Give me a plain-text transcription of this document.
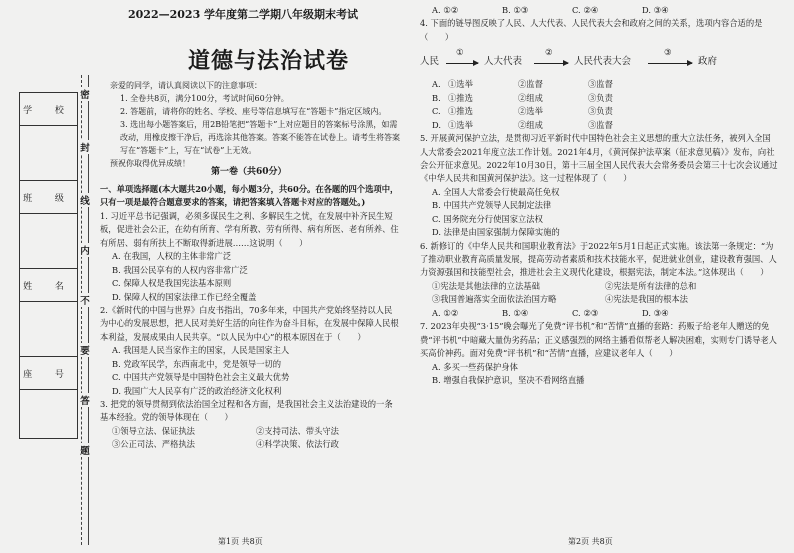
学 校

班 级

姓 名

座 号

密
封
线
内
不
要
答
题
2022—2023 学年度第二学期八年级期末考试
道德与法治试卷

亲爱的同学，请认真阅读以下的注意事项：

1. 全卷共8页，满分100分，考试时间60分钟。

2. 答题前，请将你的姓名、学校、座号等信息填写在“答题卡”指定区域内。

3. 选出每小题答案后，用2B铅笔把“答题卡”上对应题目的答案标号涂黑，如需改动，用橡皮擦干净后，再选涂其他答案。答案不能答在试卷上。请考生将答案写在“答题卡”上，写在“试卷”上无效。

预祝你取得优异成绩！

第一卷（共60分）

一、单项选择题(本大题共20小题，每小题3分，共60分。在各题的四个选项中，只有一项是最符合题意要求的答案，请把答案填入答题卡对应的答题处。)

1. 习近平总书记强调，必须多谋民生之利、多解民生之忧，在发展中补齐民生短板，促进社会公正，在幼有所育、学有所教、劳有所得、病有所医、老有所养、住有所居、弱有所扶上不断取得新进展……这说明（　　）

A. 在我国，人权的主体非常广泛

B. 我国公民享有的人权内容非常广泛

C. 保障人权是我国宪法基本原则

D. 保障人权的国家法律工作已经全覆盖

2.《新时代的中国与世界》白皮书指出，70多年来，中国共产党始终坚持以人民为中心的发展思想，把人民对美好生活的向往作为奋斗目标，在发展中保障人民根本利益，发展成果由人民共享。“以人民为中心”的根本原因在于（　　）

A. 我国是人民当家作主的国家，人民是国家主人

B. 党政军民学，东西南北中，党是领导一切的

C. 中国共产党领导是中国特色社会主义最大优势

D. 我国广大人民享有广泛的政治经济文化权利

3. 把党的领导贯彻到依法治国全过程和各方面，是我国社会主义法治建设的一条基本经验。党的领导体现在（　　）

①领导立法、保证执法	②支持司法、带头守法
③公正司法、严格执法	④科学决策、依法行政
第1页 共8页

A. ①②	B. ①③	C. ②④	D. ③④

4. 下面的链导图反映了人民、人大代表、人民代表大会和政府之间的关系，选项内容合适的是（　　）

人民
①
人大代表
②
人民代表大会
③
政府

A. ①选举	②监督	③监督

B. ①推选	②组成	③负责

C. ①推选	②选举	③负责

D. ①选举	②组成	③监督

5. 开展黄河保护立法，是贯彻习近平新时代中国特色社会主义思想的重大立法任务，被列入全国人大常委会2021年度立法工作计划。2021年4月，《黄河保护法草案（征求意见稿）》发布，向社会公开征求意见。2022年10月30日，第十三届全国人民代表大会常务委员会第三十七次会议通过《中华人民共和国黄河保护法》。这一过程体现了（　　）

A. 全国人大常委会行使最高任免权

B. 中国共产党领导人民制定法律

C. 国务院充分行使国家立法权

D. 法律是由国家强制力保障实施的

6. 新修订的《中华人民共和国职业教育法》于2022年5月1日起正式实施。该法第一条规定：“为了推动职业教育高质量发展，提高劳动者素质和技术技能水平，促进就业创业，建设教育强国、人力资源强国和技能型社会，推进社会主义现代化建设，根据宪法，制定本法。”这体现出（　　）

①宪法是其他法律的立法基础	②宪法是所有法律的总和
③我国普遍落实全面依法治国方略	④宪法是我国的根本法

A. ①②	B. ①④	C. ②③	D. ③④

7. 2023年央视“3·15”晚会曝光了免费“评书机”和“苦情”直播的套路：药贩子给老年人赠送的免费“评书机”中暗藏大量伪劣药品；正义感强烈的网络主播看似帮老人解决困难，实则专门诱导老人买高价神药。面对免费“评书机”和“苦情”直播，应建议老年人（　　）

A. 多买一些药保护身体

B. 增强自我保护意识，坚决不看网络直播

第2页 共8页
